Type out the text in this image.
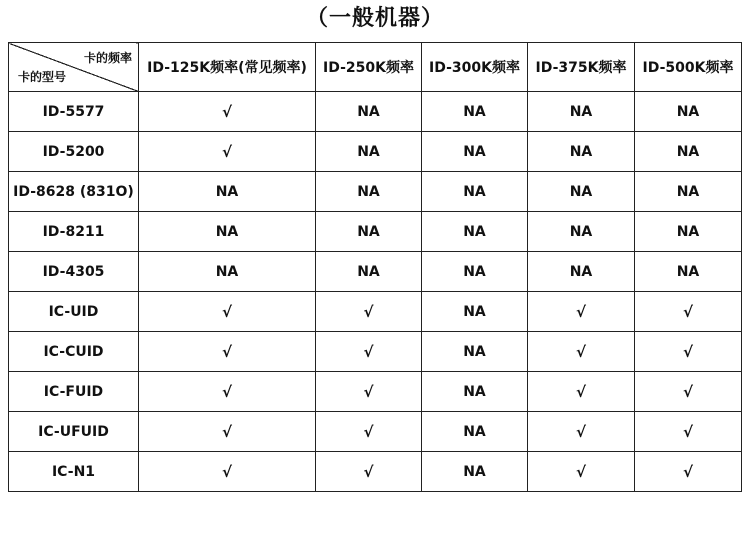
（一般机器）
卡的频率
卡的型号	ID-125K频率(常见频率)	ID-250K频率	ID-300K频率	ID-375K频率	ID-500K频率
ID-5577	√	NA	NA	NA	NA
ID-5200	√	NA	NA	NA	NA
ID-8628 (831O)	NA	NA	NA	NA	NA
ID-8211	NA	NA	NA	NA	NA
ID-4305	NA	NA	NA	NA	NA
IC-UID	√	√	NA	√	√
IC-CUID	√	√	NA	√	√
IC-FUID	√	√	NA	√	√
IC-UFUID	√	√	NA	√	√
IC-N1	√	√	NA	√	√
